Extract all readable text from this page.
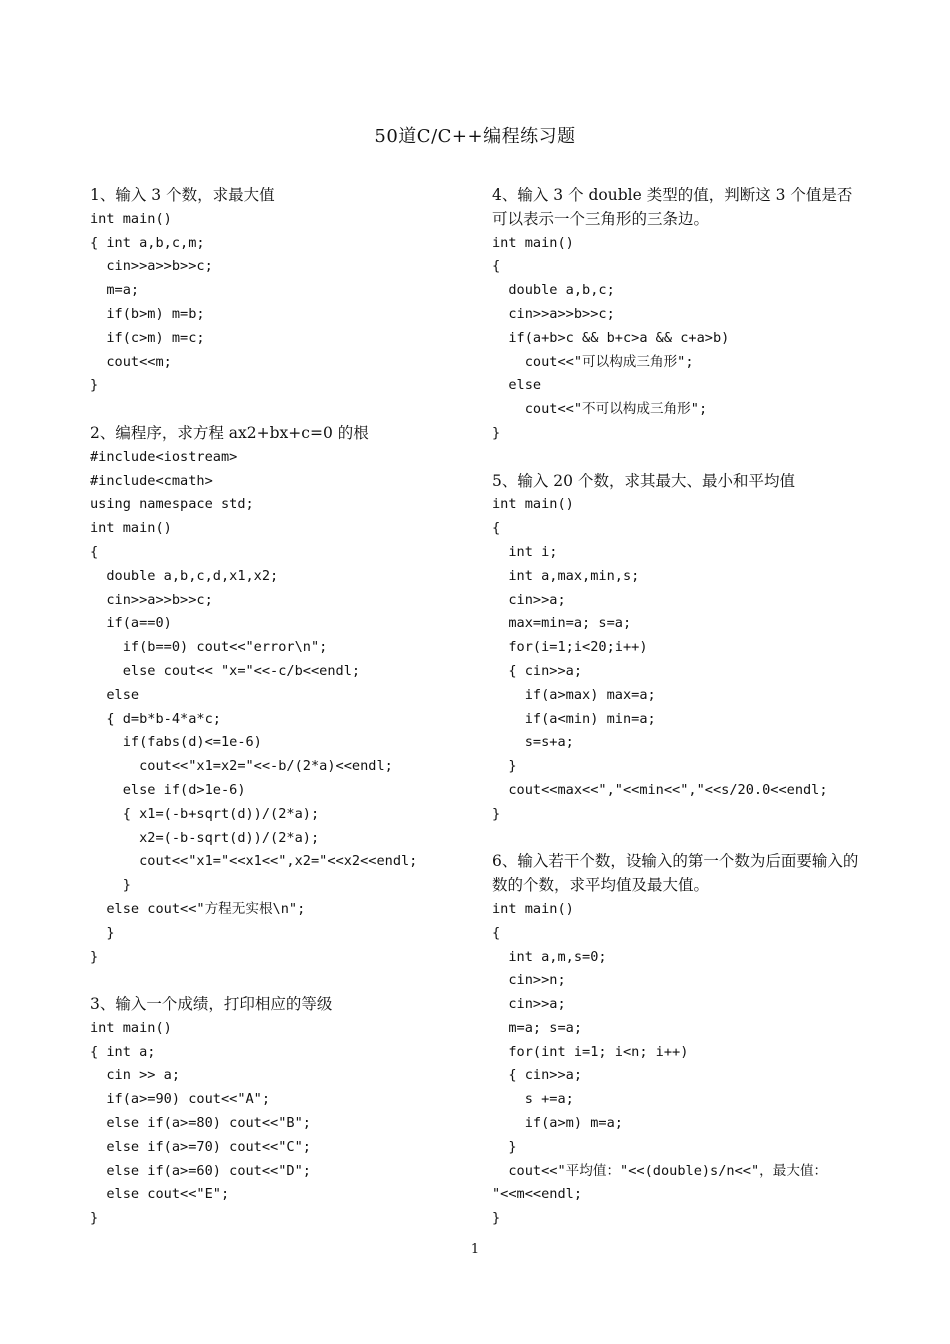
50道C/C++编程练习题
1、输入 3 个数，求最大值
int main()
{ int a,b,c,m;
cin>>a>>b>>c;
m=a;
if(b>m) m=b;
if(c>m) m=c;
cout<<m;
}
2、编程序，求方程 ax2+bx+c=0 的根
#include<iostream>
#include<cmath>
using namespace std;
int main()
{
double a,b,c,d,x1,x2;
cin>>a>>b>>c;
if(a==0)
if(b==0) cout<<"error\n";
else cout<< "x="<<-c/b<<endl;
else
{ d=b*b-4*a*c;
if(fabs(d)<=1e-6)
cout<<"x1=x2="<<-b/(2*a)<<endl;
else if(d>1e-6)
{ x1=(-b+sqrt(d))/(2*a);
x2=(-b-sqrt(d))/(2*a);
cout<<"x1="<<x1<<",x2="<<x2<<endl;
}
else cout<<"方程无实根\n";
}
}
3、输入一个成绩，打印相应的等级
int main()
{ int a;
cin >> a;
if(a>=90) cout<<"A";
else if(a>=80) cout<<"B";
else if(a>=70) cout<<"C";
else if(a>=60) cout<<"D";
else cout<<"E";
}
4、输入 3 个 double 类型的值，判断这 3 个值是否可以表示一个三角形的三条边。
int main()
{
double a,b,c;
cin>>a>>b>>c;
if(a+b>c && b+c>a && c+a>b)
cout<<"可以构成三角形";
else
cout<<"不可以构成三角形";
}
5、输入 20 个数，求其最大、最小和平均值
int main()
{
int i;
int a,max,min,s;
cin>>a;
max=min=a; s=a;
for(i=1;i<20;i++)
{ cin>>a;
if(a>max) max=a;
if(a<min) min=a;
s=s+a;
}
cout<<max<<","<<min<<","<<s/20.0<<endl;
}
6、输入若干个数，设输入的第一个数为后面要输入的数的个数，求平均值及最大值。
int main()
{
int a,m,s=0;
cin>>n;
cin>>a;
m=a; s=a;
for(int i=1; i<n; i++)
{ cin>>a;
s +=a;
if(a>m) m=a;
}
cout<<"平均值："<<(double)s/n<<"，最大值：
"<<m<<endl;
}
1
